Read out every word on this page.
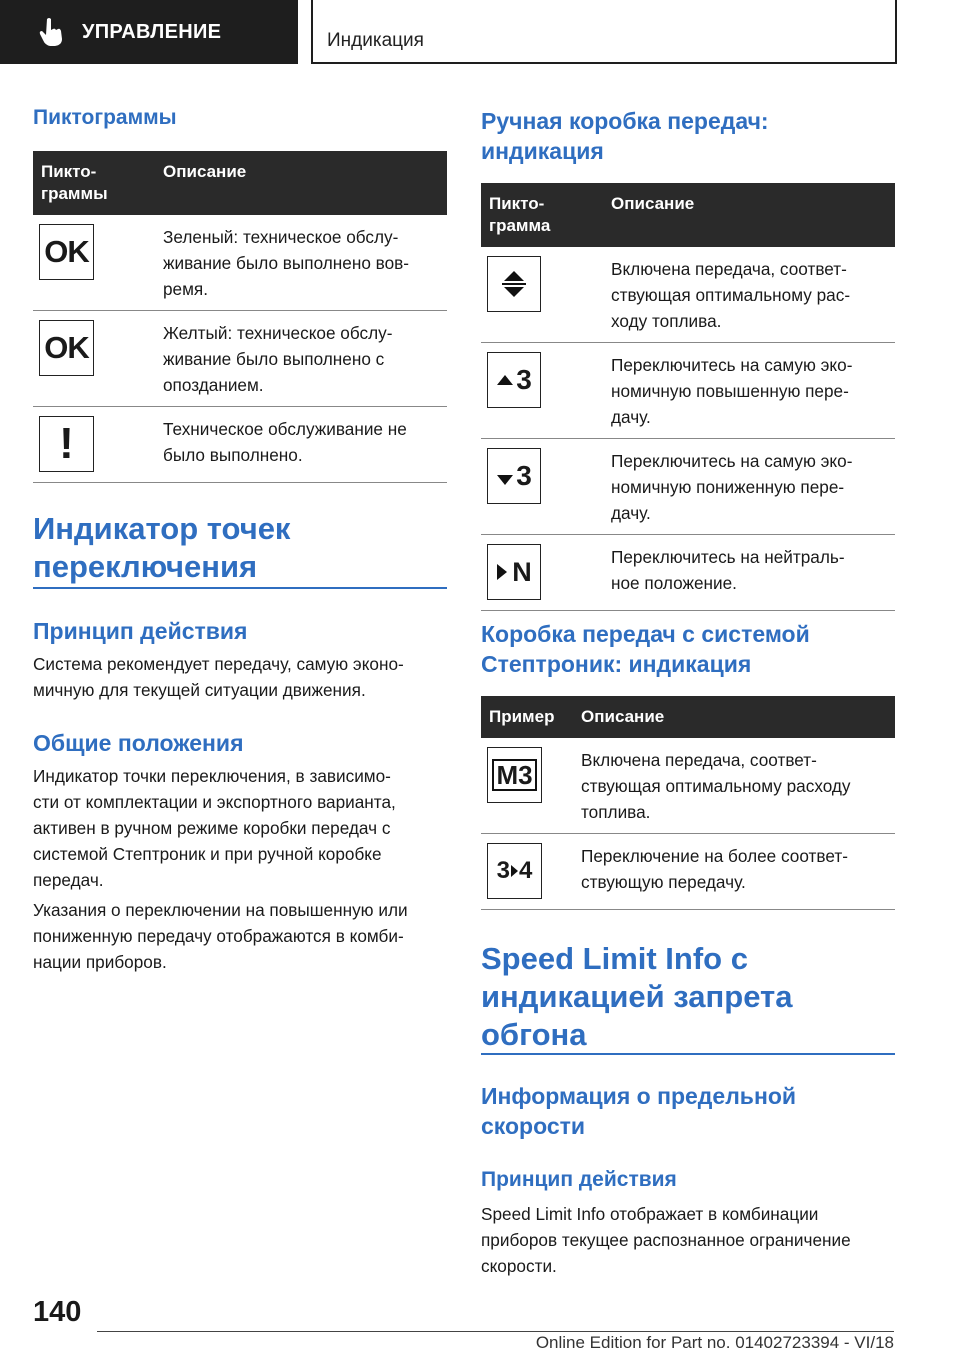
УПРАВЛЕНИЕ	Индикация
Пиктограммы
Пикто-
граммы	Описание

OK	Зеленый: техническое обслу-
живание было выполнено вов-
ремя.

OK	Желтый: техническое обслу-
живание было выполнено с
опозданием.

!	Техническое обслуживание не
было выполнено.
Индикатор точек
переключения
Принцип действия
Система рекомендует передачу, самую эконо-
мичную для текущей ситуации движения.
Общие положения
Индикатор точки переключения, в зависимо-
сти от комплектации и экспортного варианта,
активен в ручном режиме коробки передач с
системой Стептроник и при ручной коробке
передач.
Указания о переключении на повышенную или
пониженную передачу отображаются в комби-
нации приборов.
Ручная коробка передач:
индикация
Пикто-
грамма	Описание

	Включена передача, соответ-
ствующая оптимальному рас-
ходу топлива.

3	Переключитесь на самую эко-
номичную повышенную пере-
дачу.

3	Переключитесь на самую эко-
номичную пониженную пере-
дачу.

N	Переключитесь на нейтраль-
ное положение.
Коробка передач с системой
Стептроник: индикация
Пример	Описание

M3	Включена передача, соответ-
ствующая оптимальному расходу
топлива.

3 4	Переключение на более соответ-
ствующую передачу.
Speed Limit Info с
индикацией запрета
обгона
Информация о предельной
скорости
Принцип действия
Speed Limit Info отображает в комбинации
приборов текущее распознанное ограничение
скорости.
140
Online Edition for Part no. 01402723394 - VI/18
